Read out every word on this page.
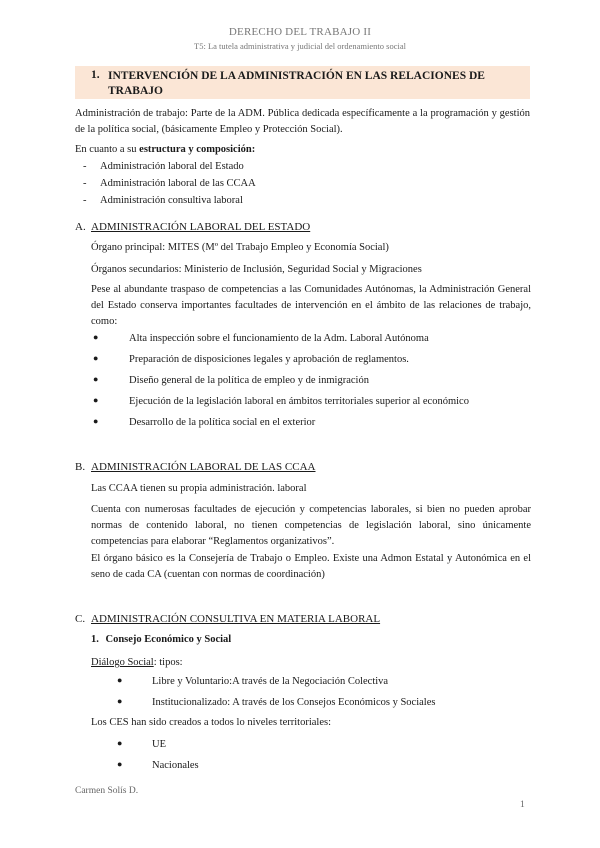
DERECHO DEL TRABAJO II
T5: La tutela administrativa y judicial del ordenamiento social
1. INTERVENCIÓN DE LA ADMINISTRACIÓN EN LAS RELACIONES DE TRABAJO
Administración de trabajo: Parte de la ADM. Pública dedicada específicamente a la programación y gestión de la política social, (básicamente Empleo y Protección Social).
En cuanto a su estructura y composición:
- Administración laboral del Estado
- Administración laboral de las CCAA
- Administración consultiva laboral
A. ADMINISTRACIÓN LABORAL DEL ESTADO
Órgano principal: MITES (Mº del Trabajo Empleo y Economía Social)
Órganos secundarios: Ministerio de Inclusión, Seguridad Social y Migraciones
Pese al abundante traspaso de competencias a las Comunidades Autónomas, la Administración General del Estado conserva importantes facultades de intervención en el ámbito de las relaciones de trabajo, como:
●	Alta inspección sobre el funcionamiento de la Adm. Laboral Autónoma
●	Preparación de disposiciones legales y aprobación de reglamentos.
●	Diseño general de la política de empleo y de inmigración
●	Ejecución de la legislación laboral en ámbitos territoriales superior al económico
●	Desarrollo de la política social en el exterior
B. ADMINISTRACIÓN LABORAL DE LAS CCAA
Las CCAA tienen su propia administración. laboral
Cuenta con numerosas facultades de ejecución y competencias laborales, si bien no pueden aprobar normas de contenido laboral, no tienen competencias de legislación laboral, sino únicamente competencias para elaborar “Reglamentos organizativos”.
El órgano básico es la Consejería de Trabajo o Empleo. Existe una Admon Estatal y Autonómica en el seno de cada CA (cuentan con normas de coordinación)
C. ADMINISTRACIÓN CONSULTIVA EN MATERIA LABORAL
1. Consejo Económico y Social
Diálogo Social: tipos:
●	Libre y Voluntario:A través de la Negociación Colectiva
●	Institucionalizado: A través de los Consejos Económicos y Sociales
Los CES han sido creados a todos lo niveles territoriales:
●	UE
●	Nacionales
Carmen Solís D.
1
